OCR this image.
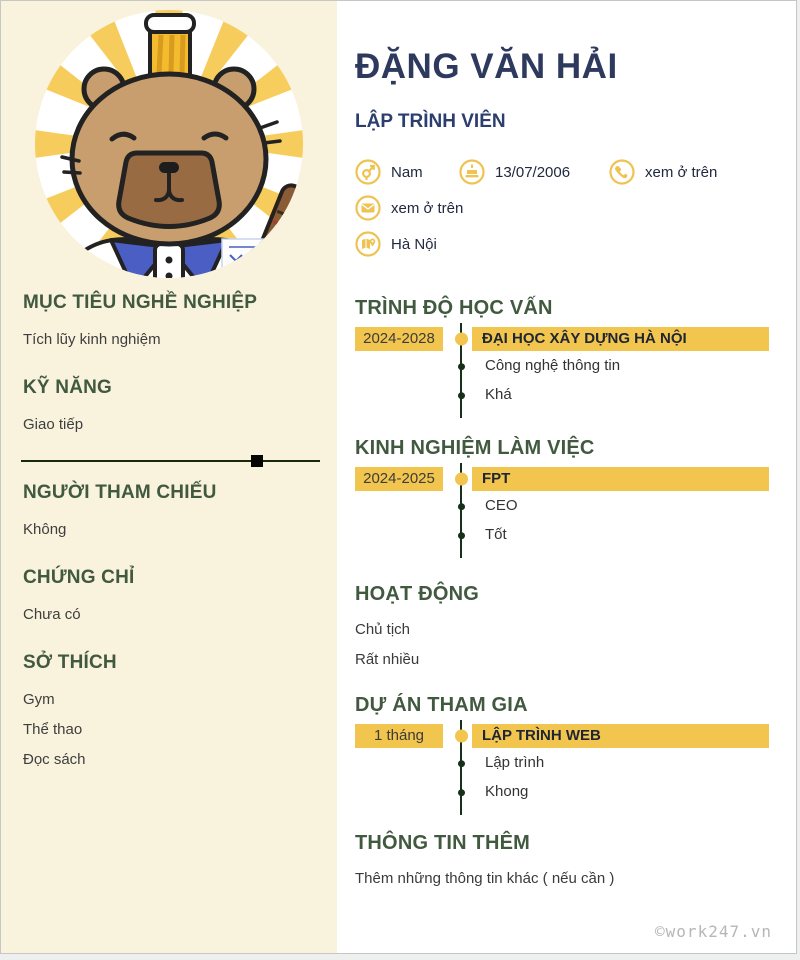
MỤC TIÊU NGHỀ NGHIỆP
Tích lũy kinh nghiệm
KỸ NĂNG
Giao tiếp
NGƯỜI THAM CHIẾU
Không
CHỨNG CHỈ
Chưa có
SỞ THÍCH
Gym
Thể thao
Đọc sách
ĐẶNG VĂN HẢI
LẬP TRÌNH VIÊN
Nam	13/07/2006	xem ở trên
xem ở trên
Hà Nội
TRÌNH ĐỘ HỌC VẤN
2024-2028	ĐẠI HỌC XÂY DỰNG HÀ NỘI
Công nghệ thông tin
Khá
KINH NGHIỆM LÀM VIỆC
2024-2025	FPT
CEO
Tốt
HOẠT ĐỘNG
Chủ tịch
Rất nhiều
DỰ ÁN THAM GIA
1 tháng	LẬP TRÌNH WEB
Lập trình
Khong
THÔNG TIN THÊM
Thêm những thông tin khác ( nếu cần )
©work247.vn
